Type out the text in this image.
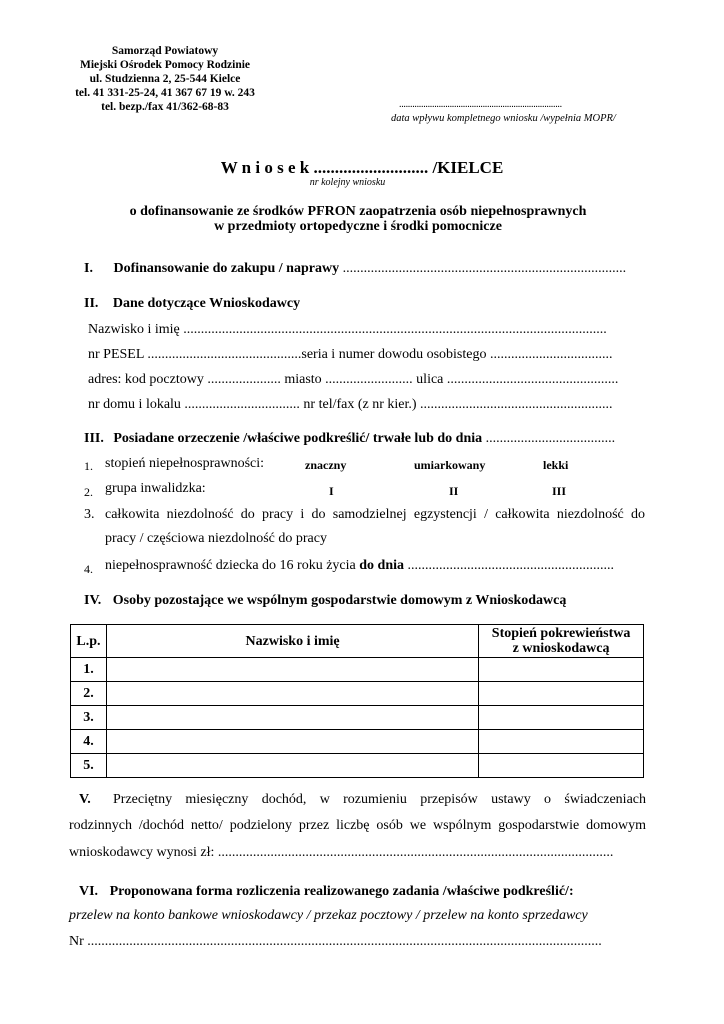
Samorząd Powiatowy
Miejski Ośrodek Pomocy Rodzinie
ul. Studzienna 2, 25-544 Kielce
tel. 41 331-25-24, 41 367 67 19 w. 243
tel. bezp./fax 41/362-68-83	..........................................................................
data wpływu kompletnego wniosku /wypełnia MOPR/
W n i o s e k ........................... /KIELCE
nr kolejny wniosku
o dofinansowanie ze środków PFRON zaopatrzenia osób niepełnosprawnych
w przedmioty ortopedyczne i środki pomocnicze
I. Dofinansowanie do zakupu / naprawy .................................................................................
II. Dane dotyczące Wnioskodawcy
Nazwisko i imię .........................................................................................................................
nr PESEL ............................................seria i numer dowodu osobistego ...................................
adres: kod pocztowy ..................... miasto ......................... ulica .................................................
nr domu i lokalu ................................. nr tel/fax (z nr kier.) .......................................................
III. Posiadane orzeczenie /właściwe podkreślić/ trwałe lub do dnia .....................................
1. stopień niepełnosprawności:	znaczny	umiarkowany	lekki
2. grupa inwalidzka:	I	II	III
3. całkowita niezdolność do pracy i do samodzielnej egzystencji / całkowita niezdolność do
pracy / częściowa niezdolność do pracy
4. niepełnosprawność dziecka do 16 roku życia do dnia ...........................................................
IV. Osoby pozostające we wspólnym gospodarstwie domowym z Wnioskodawcą
L.p.	Nazwisko i imię	Stopień pokrewieństwa
z wnioskodawcą

1.		
2.		
3.		
4.		
5.		
V. Przeciętny miesięczny dochód, w rozumieniu przepisów ustawy o świadczeniach
rodzinnych /dochód netto/ podzielony przez liczbę osób we wspólnym gospodarstwie domowym
wnioskodawcy wynosi zł: .................................................................................................................
VI. Proponowana forma rozliczenia realizowanego zadania /właściwe podkreślić/:
przelew na konto bankowe wnioskodawcy / przekaz pocztowy / przelew na konto sprzedawcy
Nr ...................................................................................................................................................
